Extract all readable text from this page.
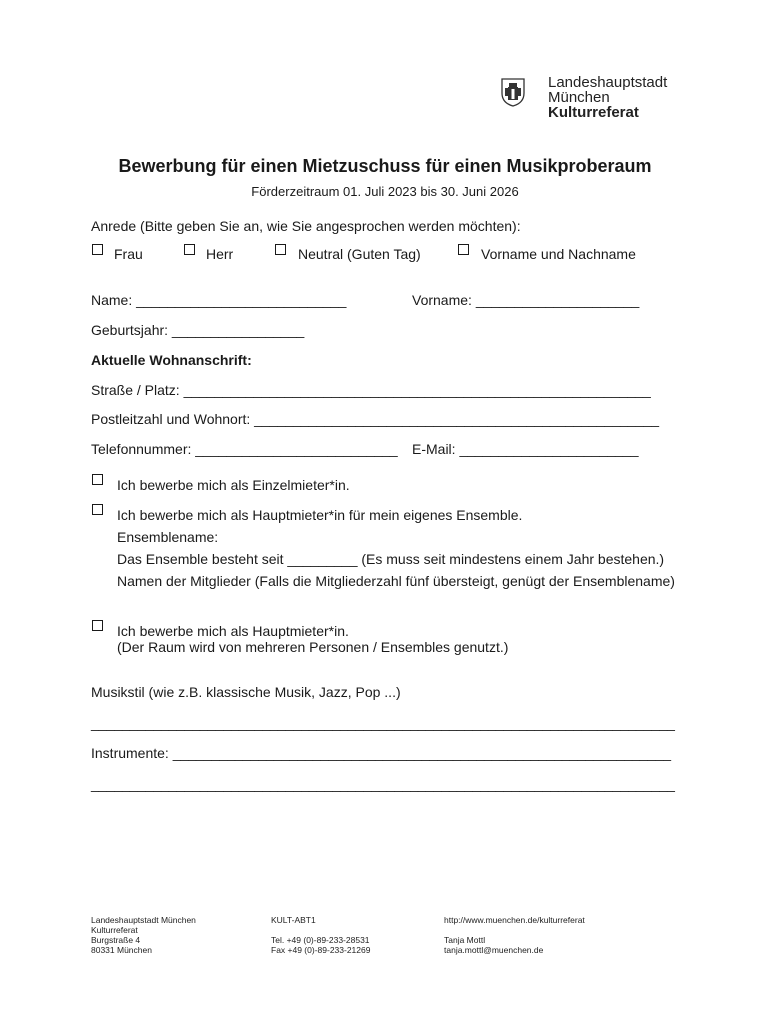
Landeshauptstadt
München
Kulturreferat
Bewerbung für einen Mietzuschuss für einen Musikproberaum
Förderzeitraum 01. Juli 2023 bis 30. Juni 2026
Anrede (Bitte geben Sie an, wie Sie angesprochen werden möchten):
Frau	Herr	Neutral (Guten Tag)	Vorname und Nachname
Name: ___________________________	Vorname: _____________________
Geburtsjahr: _________________
Aktuelle Wohnanschrift:
Straße / Platz: ____________________________________________________________
Postleitzahl und Wohnort: ____________________________________________________
Telefonnummer: __________________________ E-Mail: _______________________
Ich bewerbe mich als Einzelmieter*in.
Ich bewerbe mich als Hauptmieter*in für mein eigenes Ensemble.
Ensemblename:
Das Ensemble besteht seit _________ (Es muss seit mindestens einem Jahr bestehen.)
Namen der Mitglieder (Falls die Mitgliederzahl fünf übersteigt, genügt der Ensemblename)
Ich bewerbe mich als Hauptmieter*in.
(Der Raum wird von mehreren Personen / Ensembles genutzt.)
Musikstil (wie z.B. klassische Musik, Jazz, Pop ...)
___________________________________________________________________________
Instrumente: ________________________________________________________________
___________________________________________________________________________
Landeshauptstadt München
Kulturreferat
Burgstraße 4
80331 München
KULT-ABT1
Tel. +49 (0)-89-233-28531
Fax +49 (0)-89-233-21269
http://www.muenchen.de/kulturreferat
Tanja Mottl
tanja.mottl@muenchen.de
